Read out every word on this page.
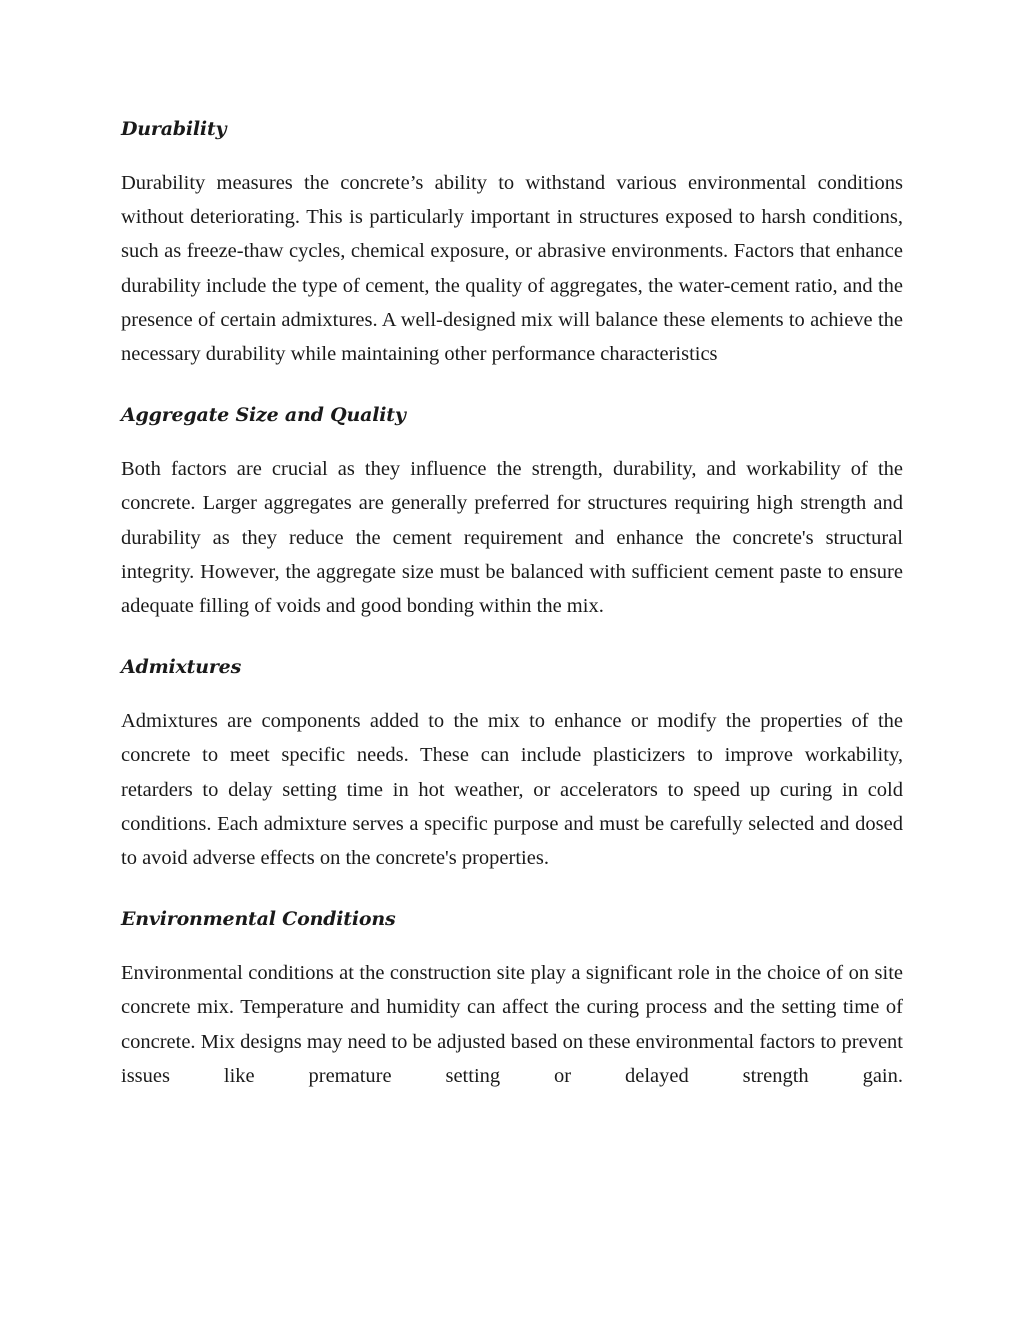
Durability

Durability measures the concrete’s ability to withstand various environmental conditions without deteriorating. This is particularly important in structures exposed to harsh conditions, such as freeze-thaw cycles, chemical exposure, or abrasive environments. Factors that enhance durability include the type of cement, the quality of aggregates, the water-cement ratio, and the presence of certain admixtures. A well-designed mix will balance these elements to achieve the necessary durability while maintaining other performance characteristics

Aggregate Size and Quality

Both factors are crucial as they influence the strength, durability, and workability of the concrete. Larger aggregates are generally preferred for structures requiring high strength and durability as they reduce the cement requirement and enhance the concrete's structural integrity. However, the aggregate size must be balanced with sufficient cement paste to ensure adequate filling of voids and good bonding within the mix.

Admixtures

Admixtures are components added to the mix to enhance or modify the properties of the concrete to meet specific needs. These can include plasticizers to improve workability, retarders to delay setting time in hot weather, or accelerators to speed up curing in cold conditions. Each admixture serves a specific purpose and must be carefully selected and dosed to avoid adverse effects on the concrete's properties.

Environmental Conditions

Environmental conditions at the construction site play a significant role in the choice of on site concrete mix. Temperature and humidity can affect the curing process and the setting time of concrete. Mix designs may need to be adjusted based on these environmental factors to prevent issues like premature setting or delayed strength gain.
